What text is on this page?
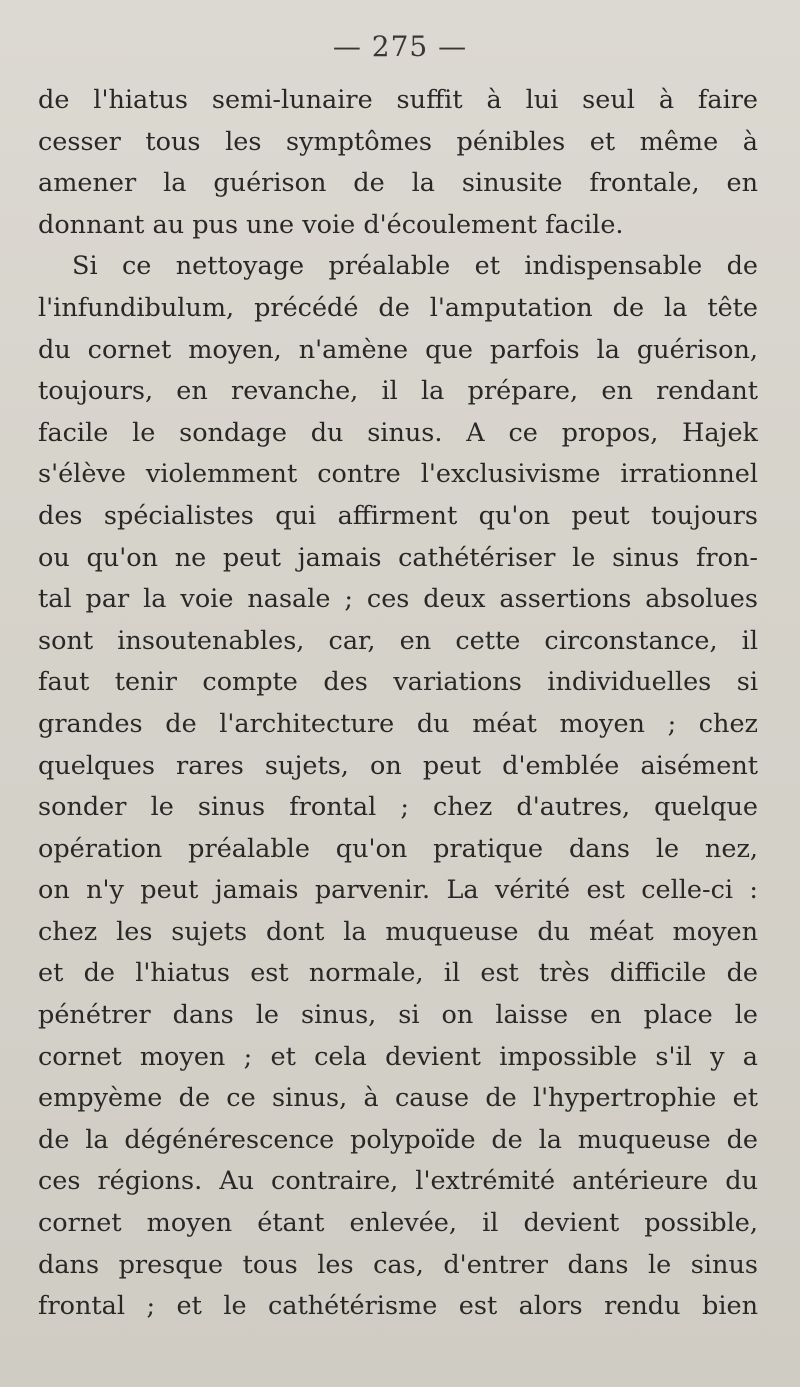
— 275 —
de l'hiatus semi-lunaire suffit à lui seul à faire
cesser tous les symptômes pénibles et même à
amener la guérison de la sinusite frontale, en
donnant au pus une voie d'écoulement facile.
Si ce nettoyage préalable et indispensable de
l'infundibulum, précédé de l'amputation de la tête
du cornet moyen, n'amène que parfois la guérison,
toujours, en revanche, il la prépare, en rendant
facile le sondage du sinus. A ce propos, Hajek
s'élève violemment contre l'exclusivisme irrationnel
des spécialistes qui affirment qu'on peut toujours
ou qu'on ne peut jamais cathétériser le sinus fron-
tal par la voie nasale ; ces deux assertions absolues
sont insoutenables, car, en cette circonstance, il
faut tenir compte des variations individuelles si
grandes de l'architecture du méat moyen ; chez
quelques rares sujets, on peut d'emblée aisément
sonder le sinus frontal ; chez d'autres, quelque
opération préalable qu'on pratique dans le nez,
on n'y peut jamais parvenir. La vérité est celle-ci :
chez les sujets dont la muqueuse du méat moyen
et de l'hiatus est normale, il est très difficile de
pénétrer dans le sinus, si on laisse en place le
cornet moyen ; et cela devient impossible s'il y a
empyème de ce sinus, à cause de l'hypertrophie et
de la dégénérescence polypoïde de la muqueuse de
ces régions. Au contraire, l'extrémité antérieure du
cornet moyen étant enlevée, il devient possible,
dans presque tous les cas, d'entrer dans le sinus
frontal ; et le cathétérisme est alors rendu bien
